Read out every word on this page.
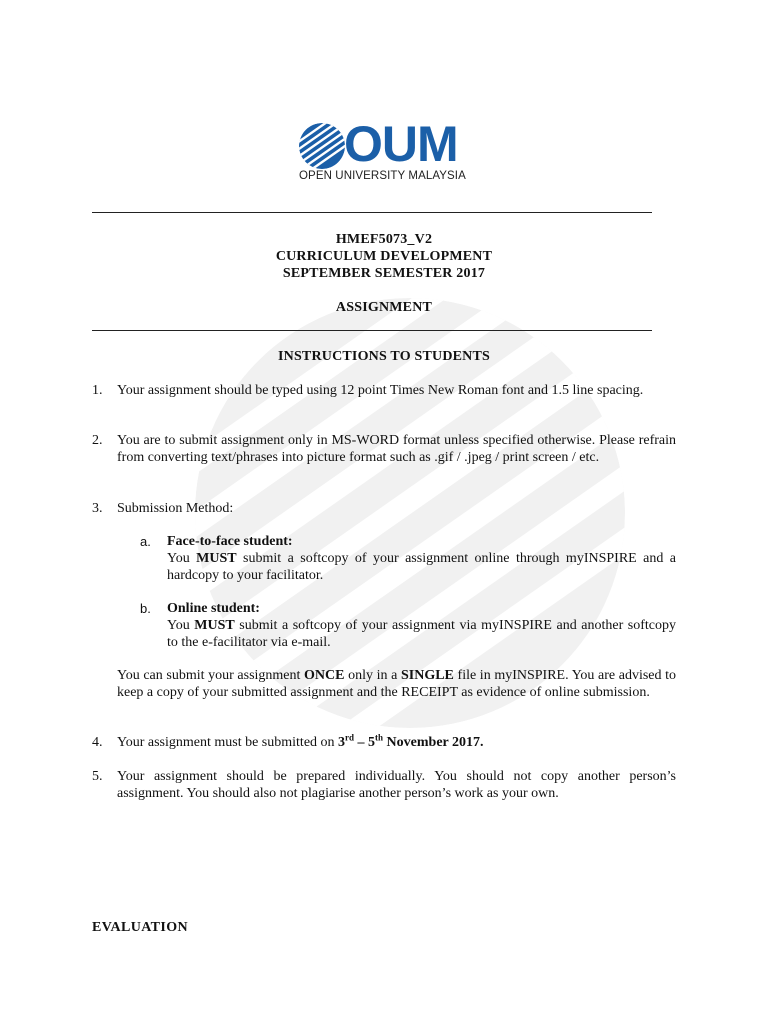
OUM
OPEN UNIVERSITY MALAYSIA
HMEF5073_V2
CURRICULUM DEVELOPMENT
SEPTEMBER SEMESTER 2017
ASSIGNMENT
INSTRUCTIONS TO STUDENTS
1. Your assignment should be typed using 12 point Times New Roman font and 1.5 line spacing.
2. You are to submit assignment only in MS-WORD format unless specified otherwise. Please refrain from converting text/phrases into picture format such as .gif / .jpeg / print screen / etc.
3. Submission Method:
a. Face-to-face student:
You MUST submit a softcopy of your assignment online through myINSPIRE and a hardcopy to your facilitator.
b. Online student:
You MUST submit a softcopy of your assignment via myINSPIRE and another softcopy to the e-facilitator via e-mail.
You can submit your assignment ONCE only in a SINGLE file in myINSPIRE. You are advised to keep a copy of your submitted assignment and the RECEIPT as evidence of online submission.
4. Your assignment must be submitted on 3rd – 5th November 2017.
5. Your assignment should be prepared individually. You should not copy another person’s assignment. You should also not plagiarise another person’s work as your own.
EVALUATION
